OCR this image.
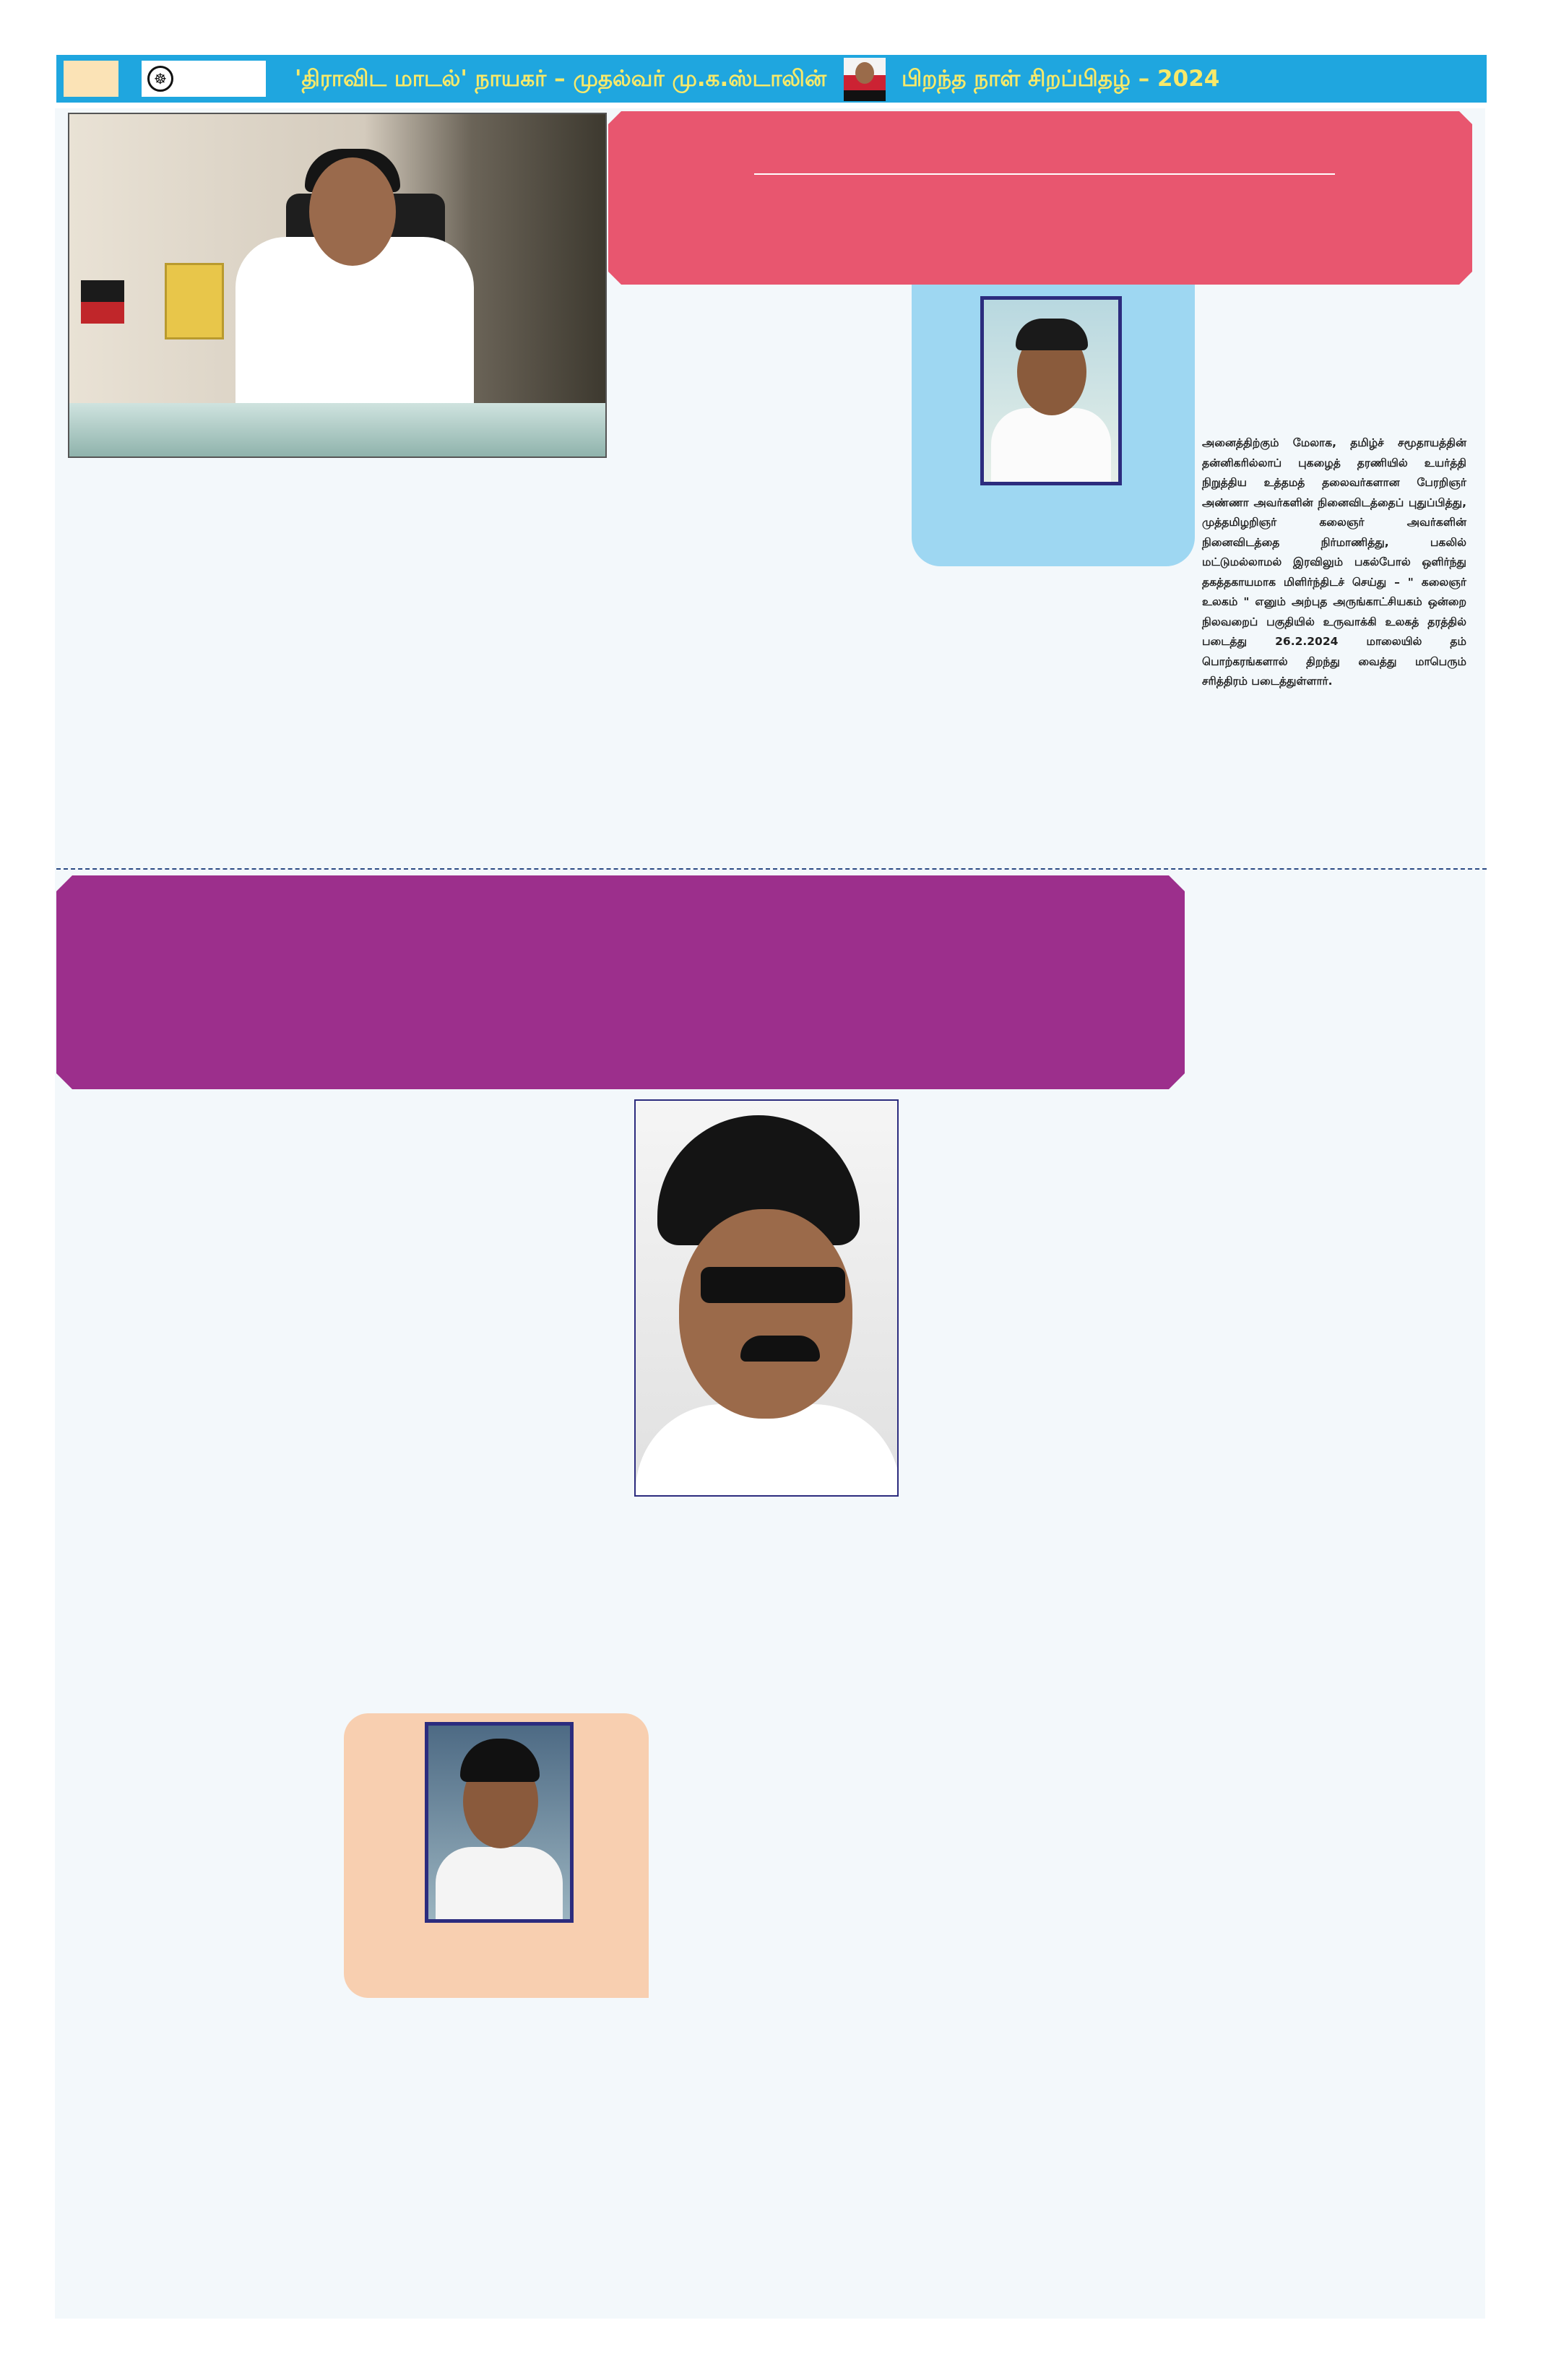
☸	'திராவிட மாடல்' நாயகர் – முதல்வர் மு.க.ஸ்டாலின்	பிறந்த நாள் சிறப்பிதழ் – 2024
அனைத்திற்கும் மேலாக, தமிழ்ச் சமூதாயத்தின் தன்னிகரில்லாப் புகழைத் தரணியில் உயர்த்தி நிறுத்திய உத்தமத் தலைவர்களான பேரறிஞர் அண்ணா அவர்களின் நினைவிடத்தைப் புதுப்பித்து, முத்தமிழறிஞர் கலைஞர் அவர்களின் நினைவிடத்தை நிர்மாணித்து, பகலில் மட்டுமல்லாமல் இரவிலும் பகல்போல் ஒளிர்ந்து தகத்தகாயமாக மிளிர்ந்திடச் செய்து – " கலைஞர் உலகம் " எனும் அற்புத அருங்காட்சியகம் ஒன்றை நிலவறைப் பகுதியில் உருவாக்கி உலகத் தரத்தில் படைத்து 26.2.2024 மாலையில் தம் பொற்கரங்களால் திறந்து வைத்து மாபெரும் சரித்திரம் படைத்துள்ளார்.
